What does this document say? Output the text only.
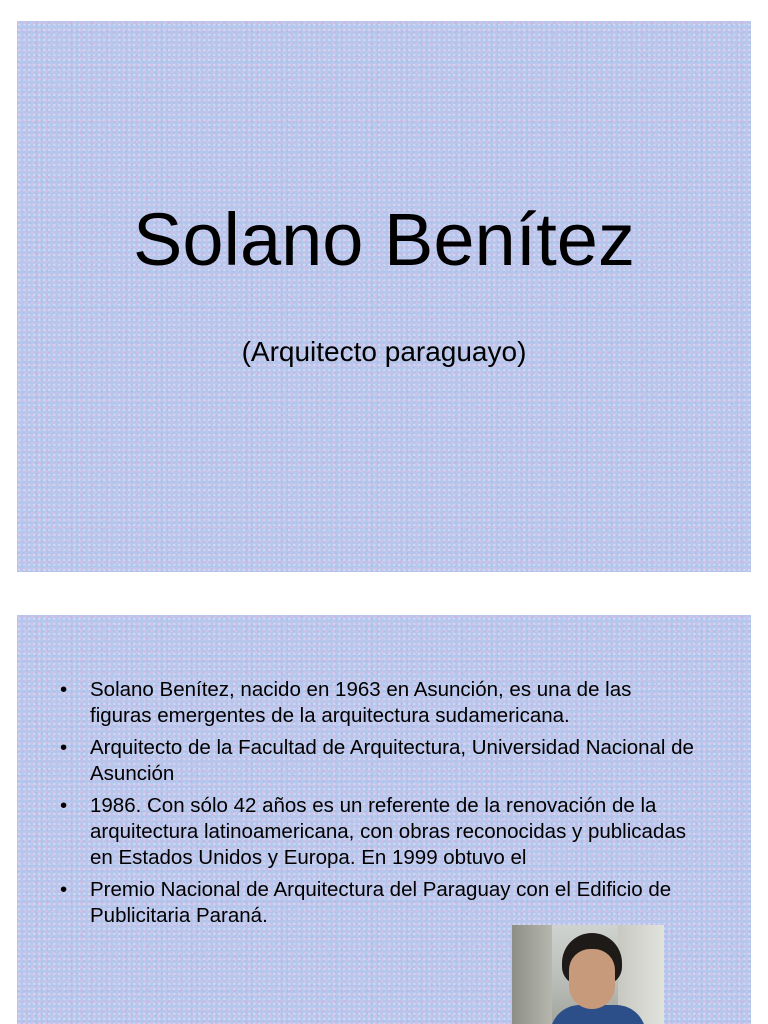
Solano Benítez
(Arquitecto paraguayo)
• Solano Benítez, nacido en 1963 en Asunción, es una de las figuras emergentes de la arquitectura sudamericana.
• Arquitecto de la Facultad de Arquitectura, Universidad Nacional de Asunción
• 1986. Con sólo 42 años es un referente de la renovación de la arquitectura latinoamericana, con obras reconocidas y publicadas en Estados Unidos y Europa. En 1999 obtuvo el
• Premio Nacional de Arquitectura del Paraguay con el Edificio de Publicitaria Paraná.
